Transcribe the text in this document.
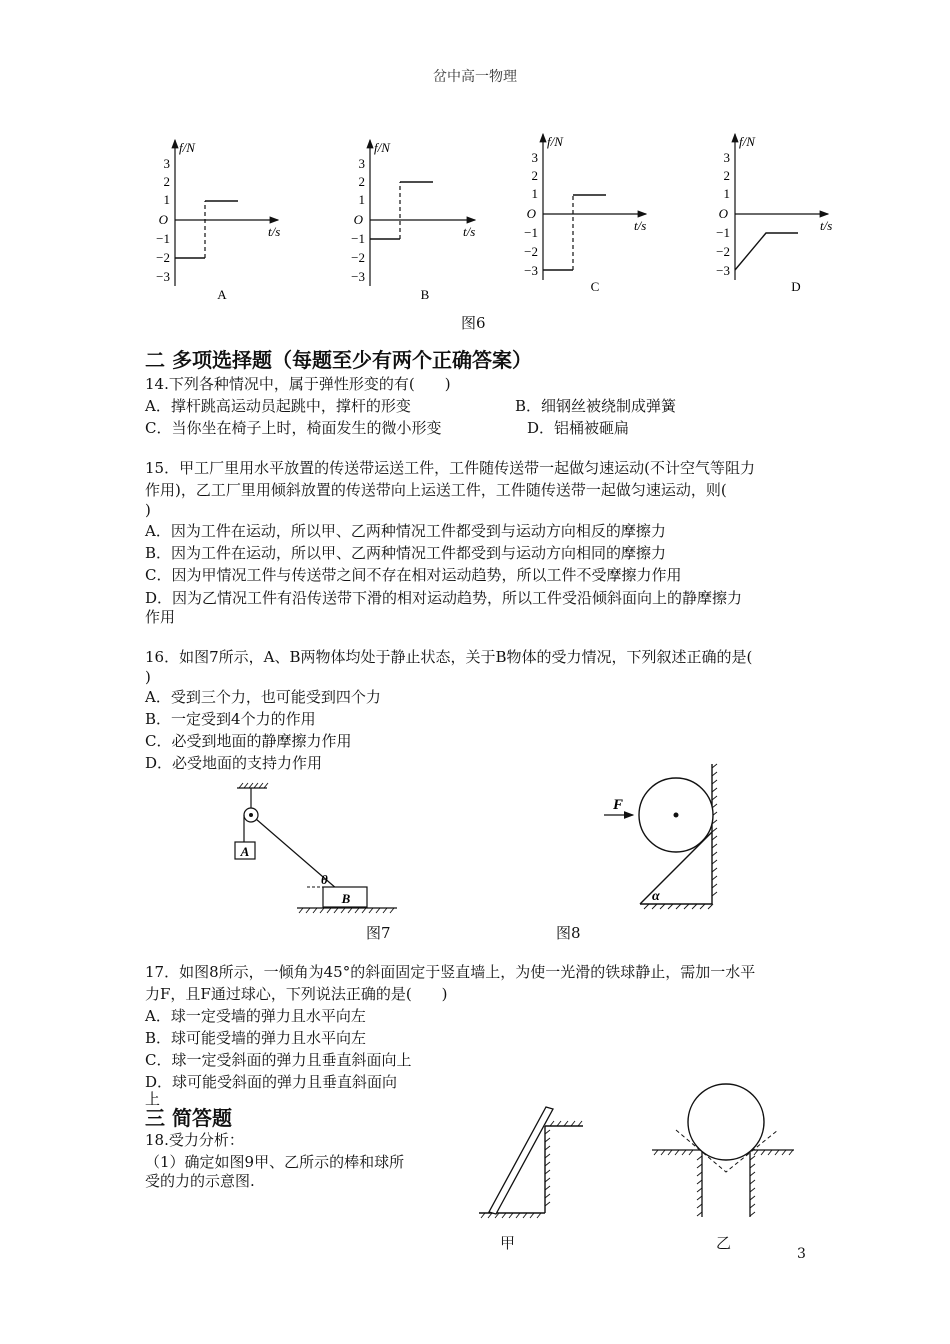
岔中高一物理
3
2
1
−1
−2
−3
O
f/N
t/s
A
3
2
1
−1
−2
−3
O
f/N
t/s
B
3
2
1
−1
−2
−3
O
f/N
t/s
C
3
2
1
−1
−2
−3
O
f/N
t/s
D
图6
二 多项选择题（每题至少有两个正确答案）
14.下列各种情况中，属于弹性形变的有(　　)
A．撑杆跳高运动员起跳中，撑杆的形变	B．细钢丝被绕制成弹簧
C．当你坐在椅子上时，椅面发生的微小形变	D．铝桶被砸扁
15．甲工厂里用水平放置的传送带运送工件，工件随传送带一起做匀速运动(不计空气等阻力
作用)，乙工厂里用倾斜放置的传送带向上运送工件，工件随传送带一起做匀速运动，则(
)
A．因为工件在运动，所以甲、乙两种情况工件都受到与运动方向相反的摩擦力
B．因为工件在运动，所以甲、乙两种情况工件都受到与运动方向相同的摩擦力
C．因为甲情况工件与传送带之间不存在相对运动趋势，所以工件不受摩擦力作用
D．因为乙情况工件有沿传送带下滑的相对运动趋势，所以工件受沿倾斜面向上的静摩擦力
作用
16．如图7所示，A、B两物体均处于静止状态，关于B物体的受力情况，下列叙述正确的是(
)
A．受到三个力，也可能受到四个力
B．一定受到4个力的作用
C．必受到地面的静摩擦力作用
D．必受地面的支持力作用
A
B
θ
图7
F
α
图8
17．如图8所示，一倾角为45°的斜面固定于竖直墙上，为使一光滑的铁球静止，需加一水平
力F，且F通过球心，下列说法正确的是(　　)
A．球一定受墙的弹力且水平向左
B．球可能受墙的弹力且水平向左
C．球一定受斜面的弹力且垂直斜面向上
D．球可能受斜面的弹力且垂直斜面向
上
三 简答题
18.受力分析：
（1）确定如图9甲、乙所示的棒和球所
受的力的示意图.
甲	乙
3
